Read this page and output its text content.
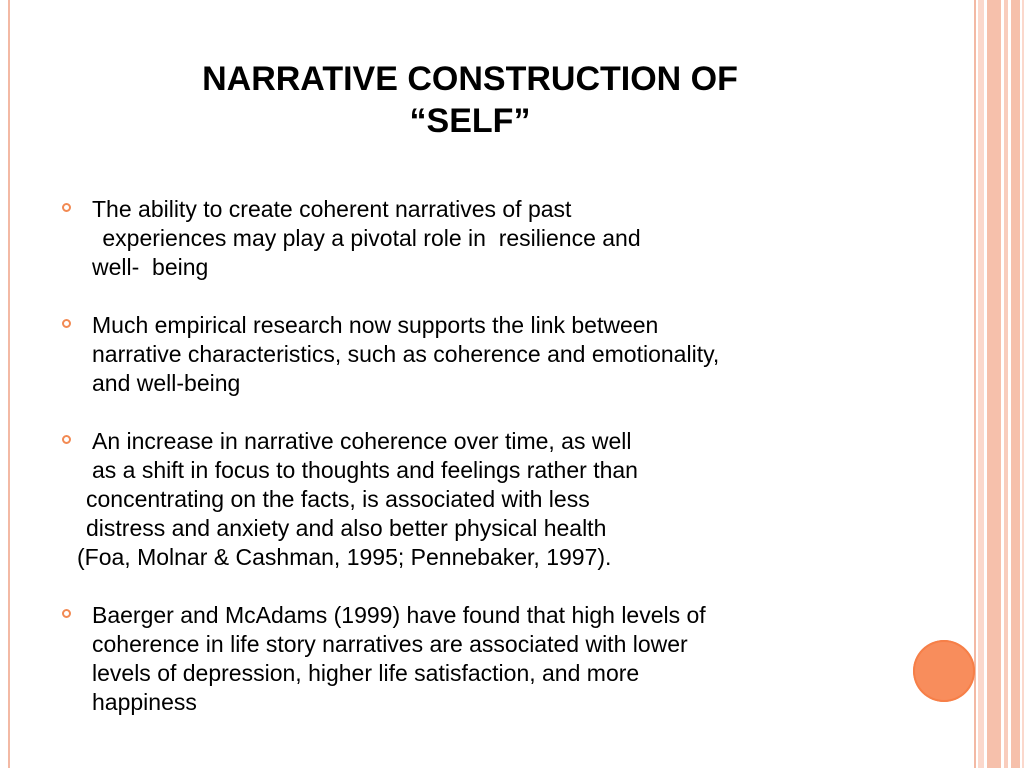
NARRATIVE CONSTRUCTION OF
“SELF”
The ability to create coherent narratives of past
experiences may play a pivotal role in  resilience and
well-  being
Much empirical research now supports the link between
narrative characteristics, such as coherence and emotionality,
and well-being
An increase in narrative coherence over time, as well
as a shift in focus to thoughts and feelings rather than
concentrating on the facts, is associated with less
distress and anxiety and also better physical health
(Foa, Molnar & Cashman, 1995; Pennebaker, 1997).
Baerger and McAdams (1999) have found that high levels of
coherence in life story narratives are associated with lower
levels of depression, higher life satisfaction, and more
happiness
